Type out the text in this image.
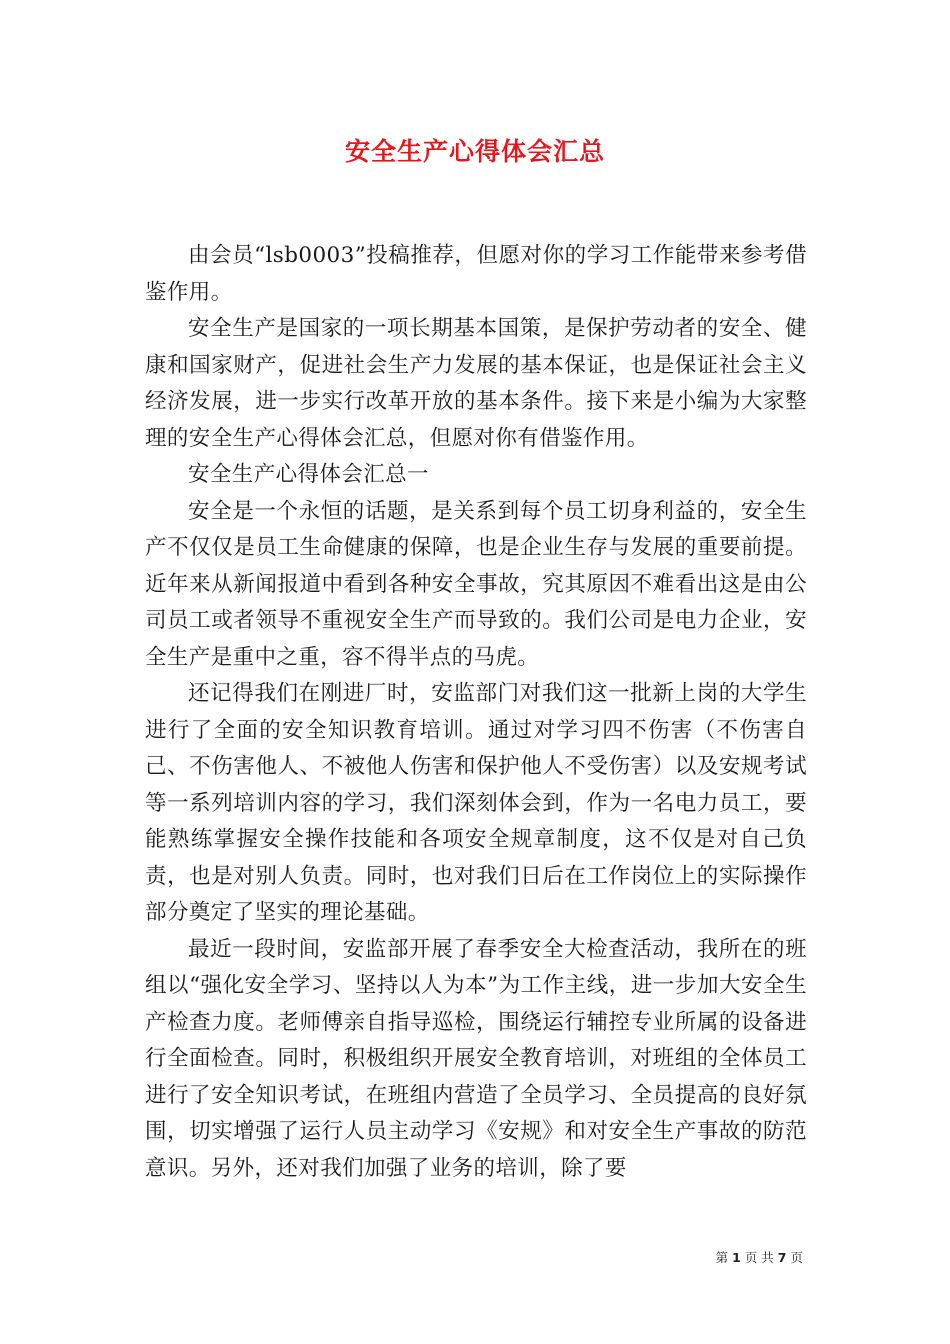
安全生产心得体会汇总

由会员“lsb0003”投稿推荐，但愿对你的学习工作能带来参考借鉴作用。

安全生产是国家的一项长期基本国策，是保护劳动者的安全、健康和国家财产，促进社会生产力发展的基本保证，也是保证社会主义经济发展，进一步实行改革开放的基本条件。接下来是小编为大家整理的安全生产心得体会汇总，但愿对你有借鉴作用。

安全生产心得体会汇总一

安全是一个永恒的话题，是关系到每个员工切身利益的，安全生产不仅仅是员工生命健康的保障，也是企业生存与发展的重要前提。近年来从新闻报道中看到各种安全事故，究其原因不难看出这是由公司员工或者领导不重视安全生产而导致的。我们公司是电力企业，安全生产是重中之重，容不得半点的马虎。

还记得我们在刚进厂时，安监部门对我们这一批新上岗的大学生进行了全面的安全知识教育培训。通过对学习四不伤害（不伤害自己、不伤害他人、不被他人伤害和保护他人不受伤害）以及安规考试等一系列培训内容的学习，我们深刻体会到，作为一名电力员工，要能熟练掌握安全操作技能和各项安全规章制度，这不仅是对自己负责，也是对别人负责。同时，也对我们日后在工作岗位上的实际操作部分奠定了坚实的理论基础。

最近一段时间，安监部开展了春季安全大检查活动，我所在的班组以“强化安全学习、坚持以人为本”为工作主线，进一步加大安全生产检查力度。老师傅亲自指导巡检，围绕运行辅控专业所属的设备进行全面检查。同时，积极组织开展安全教育培训，对班组的全体员工进行了安全知识考试，在班组内营造了全员学习、全员提高的良好氛围，切实增强了运行人员主动学习《安规》和对安全生产事故的防范意识。另外，还对我们加强了业务的培训，除了要

第 1 页 共 7 页
